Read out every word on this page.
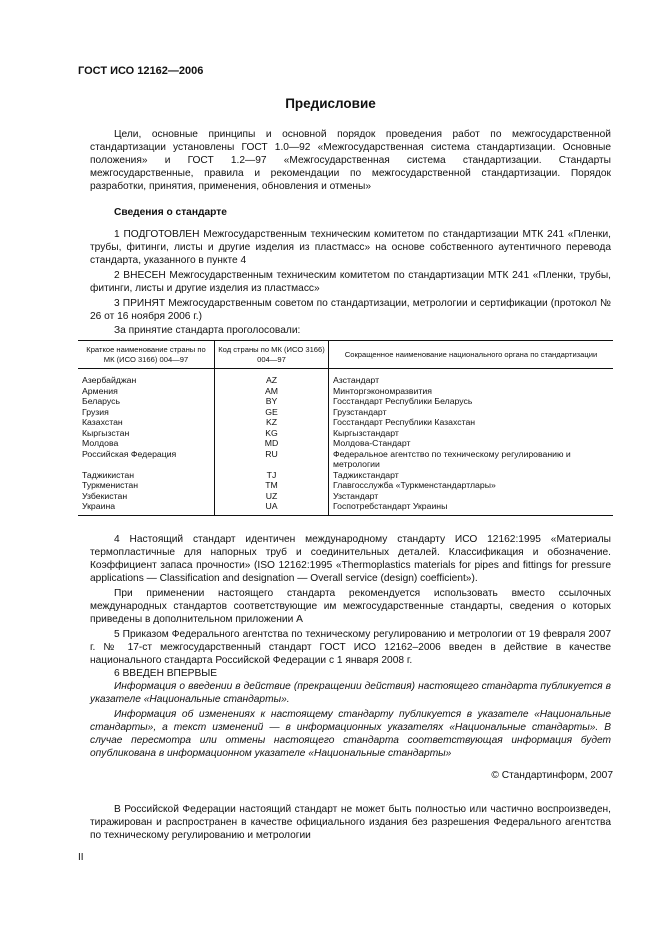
ГОСТ ИСО 12162—2006
Предисловие

Цели, основные принципы и основной порядок проведения работ по межгосударственной стандартизации установлены ГОСТ 1.0—92 «Межгосударственная система стандартизации. Основные положения» и ГОСТ 1.2—97 «Межгосударственная система стандартизации. Стандарты межгосударственные, правила и рекомендации по межгосударственной стандартизации. Порядок разработки, принятия, применения, обновления и отмены»

Сведения о стандарте

1 ПОДГОТОВЛЕН Межгосударственным техническим комитетом по стандартизации МТК 241 «Пленки, трубы, фитинги, листы и другие изделия из пластмасс» на основе собственного аутентичного перевода стандарта, указанного в пункте 4

2 ВНЕСЕН Межгосударственным техническим комитетом по стандартизации МТК 241 «Пленки, трубы, фитинги, листы и другие изделия из пластмасс»

3 ПРИНЯТ Межгосударственным советом по стандартизации, метрологии и сертификации (протокол № 26 от 16 ноября 2006 г.)

За принятие стандарта проголосовали:

Краткое наименование страны по МК (ИСО 3166) 004—97	Код страны по МК (ИСО 3166) 004—97	Сокращенное наименование национального органа по стандартизации
Азербайджан	AZ	Азстандарт
Армения	AM	Минторгэкономразвития
Беларусь	BY	Госстандарт Республики Беларусь
Грузия	GE	Грузстандарт
Казахстан	KZ	Госстандарт Республики Казахстан
Кыргызстан	KG	Кыргызстандарт
Молдова	MD	Молдова-Стандарт
Российская Федерация	RU	Федеральное агентство по техническому регулированию и метрологии
Таджикистан	TJ	Таджикстандарт
Туркменистан	TM	Главгосслужба «Туркменстандартлары»
Узбекистан	UZ	Узстандарт
Украина	UA	Госпотребстандарт Украины

4 Настоящий стандарт идентичен международному стандарту ИСО 12162:1995 «Материалы термопластичные для напорных труб и соединительных деталей. Классификация и обозначение. Коэффициент запаса прочности» (ISO 12162:1995 «Thermoplastics materials for pipes and fittings for pressure applications — Classification and designation — Overall service (design) coefficient»).

При применении настоящего стандарта рекомендуется использовать вместо ссылочных международных стандартов соответствующие им межгосударственные стандарты, сведения о которых приведены в дополнительном приложении А

5 Приказом Федерального агентства по техническому регулированию и метрологии от 19 февраля 2007 г. № 17-ст межгосударственный стандарт ГОСТ ИСО 12162–2006 введен в действие в качестве национального стандарта Российской Федерации с 1 января 2008 г.

6 ВВЕДЕН ВПЕРВЫЕ

Информация о введении в действие (прекращении действия) настоящего стандарта публикуется в указателе «Национальные стандарты».

Информация об изменениях к настоящему стандарту публикуется в указателе «Национальные стандарты», а текст изменений — в информационных указателях «Национальные стандарты». В случае пересмотра или отмены настоящего стандарта соответствующая информация будет опубликована в информационном указателе «Национальные стандарты»

© Стандартинформ, 2007

В Российской Федерации настоящий стандарт не может быть полностью или частично воспроизведен, тиражирован и распространен в качестве официального издания без разрешения Федерального агентства по техническому регулированию и метрологии

II
